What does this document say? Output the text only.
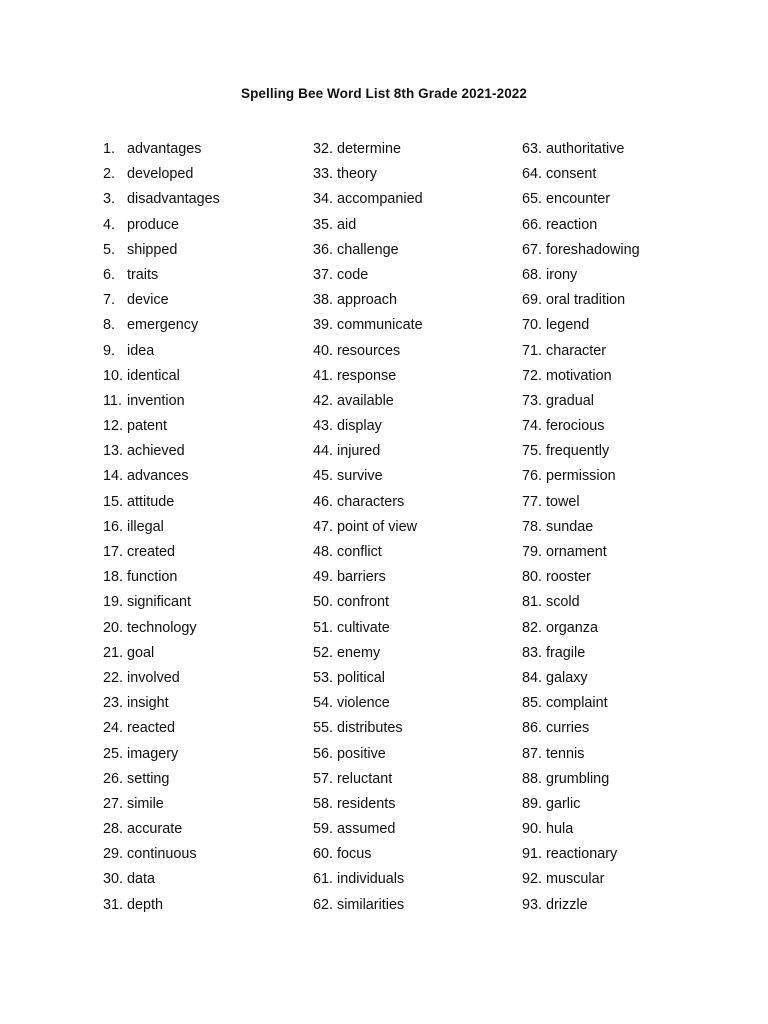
Spelling Bee Word List 8th Grade 2021-2022
1. advantages
2. developed
3. disadvantages
4. produce
5. shipped
6. traits
7. device
8. emergency
9. idea
10. identical
11. invention
12. patent
13. achieved
14. advances
15. attitude
16. illegal
17. created
18. function
19. significant
20. technology
21. goal
22. involved
23. insight
24. reacted
25. imagery
26. setting
27. simile
28. accurate
29. continuous
30. data
31. depth
32. determine
33. theory
34. accompanied
35. aid
36. challenge
37. code
38. approach
39. communicate
40. resources
41. response
42. available
43. display
44. injured
45. survive
46. characters
47. point of view
48. conflict
49. barriers
50. confront
51. cultivate
52. enemy
53. political
54. violence
55. distributes
56. positive
57. reluctant
58. residents
59. assumed
60. focus
61. individuals
62. similarities
63. authoritative
64. consent
65. encounter
66. reaction
67. foreshadowing
68. irony
69. oral tradition
70. legend
71. character
72. motivation
73. gradual
74. ferocious
75. frequently
76. permission
77. towel
78. sundae
79. ornament
80. rooster
81. scold
82. organza
83. fragile
84. galaxy
85. complaint
86. curries
87. tennis
88. grumbling
89. garlic
90. hula
91. reactionary
92. muscular
93. drizzle
